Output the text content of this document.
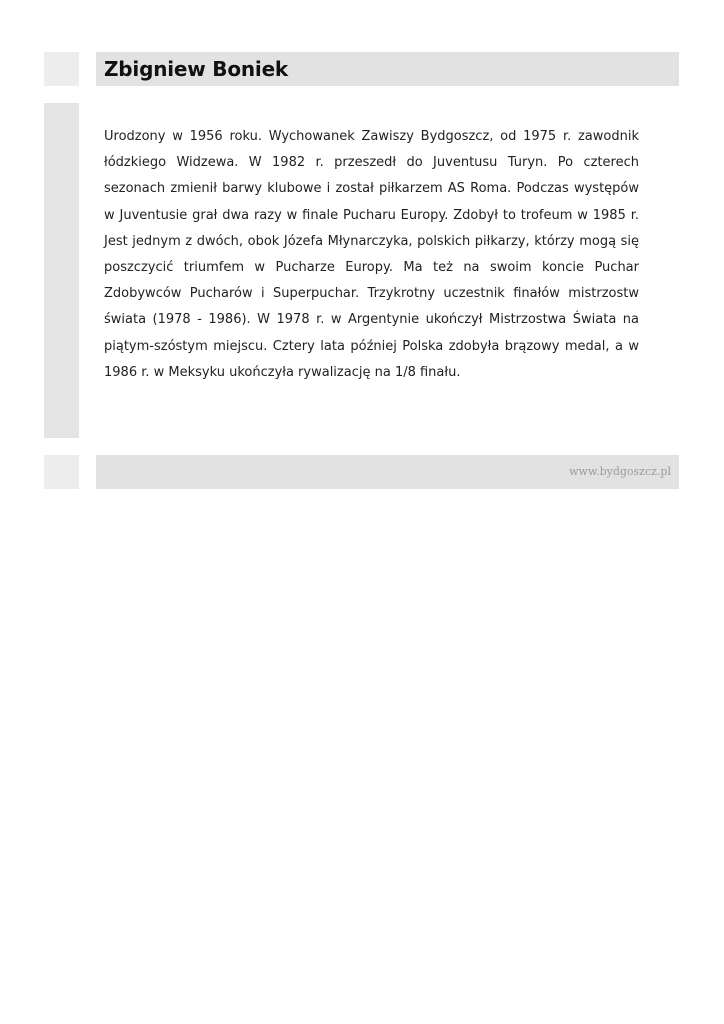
Zbigniew Boniek

Urodzony w 1956 roku. Wychowanek Zawiszy Bydgoszcz, od 1975 r. zawodnik łódzkiego Widzewa. W 1982 r. przeszedł do Juventusu Turyn. Po czterech sezonach zmienił barwy klubowe i został piłkarzem AS Roma. Podczas występów w Juventusie grał dwa razy w finale Pucharu Europy. Zdobył to trofeum w 1985 r. Jest jednym z dwóch, obok Józefa Młynarczyka, polskich piłkarzy, którzy mogą się poszczycić triumfem w Pucharze Europy. Ma też na swoim koncie Puchar Zdobywców Pucharów i Superpuchar. Trzykrotny uczestnik finałów mistrzostw świata (1978 - 1986). W 1978 r. w Argentynie ukończył Mistrzostwa Świata na piątym-szóstym miejscu. Cztery lata później Polska zdobyła brązowy medal, a w 1986 r. w Meksyku ukończyła rywalizację na 1/8 finału.

www.bydgoszcz.pl
